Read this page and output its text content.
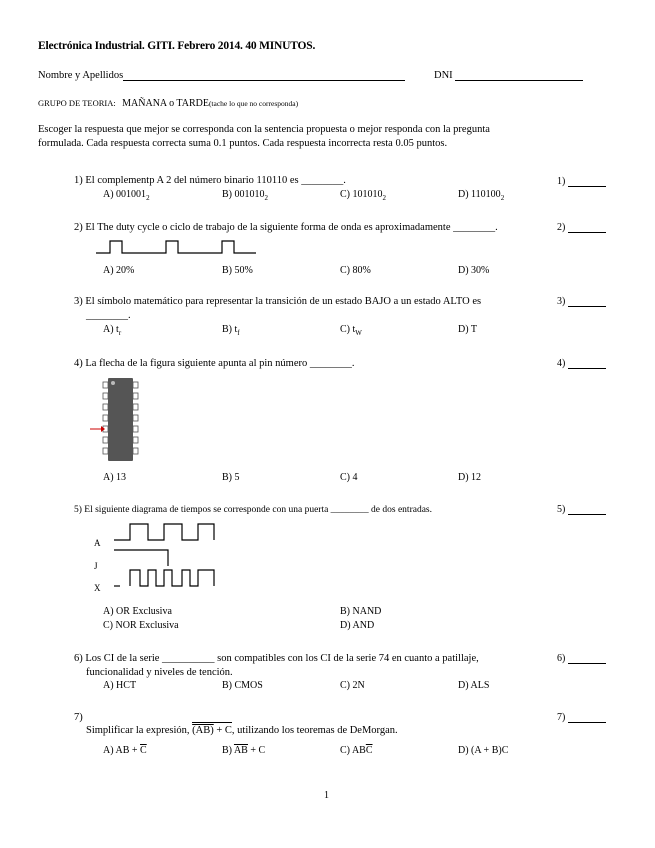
Electrónica Industrial. GITI. Febrero 2014. 40 MINUTOS.
Nombre y Apellidos	DNI
GRUPO DE TEORIA: MAÑANA o TARDE(tache lo que no corresponda)
Escoger la respuesta que mejor se corresponda con la sentencia propuesta o mejor responda con la pregunta
formulada. Cada respuesta correcta suma 0.1 puntos. Cada respuesta incorrecta resta 0.05 puntos.
1)
2)
3)
4)
5)
6)
7)
1) El complementp A 2 del número binario 110110 es ________.
A) $001001_2$	B) $001010_2$	C) $101010_2$	D) $110100_2$
2) El The duty cycle o ciclo de trabajo de la siguiente forma de onda es aproximadamente ________.
A) 20%	B) 50%	C) 80%	D) 30%
3) El símbolo matemático para representar la transición de un estado BAJO a un estado ALTO es
________.
A) $t_r$	B) $t_f$	C) $t_W$	D) T
4) La flecha de la figura siguiente apunta al pin número ________.
A) 13	B) 5	C) 4	D) 12
5) El siguiente diagrama de tiempos se corresponde con una puerta ________ de dos entradas.
A
J
X
A) OR Exclusiva	B) NAND
C) NOR Exclusiva	D) AND
6) Los CI de la serie __________ son compatibles con los CI de la serie 74 en cuanto a patillaje,
funcionalidad y niveles de tención.
A) HCT	B) CMOS	C) 2N	D) ALS
7)
Simplificar la expresión, (AB) + C, utilizando los teoremas de DeMorgan.
A) AB + $\overline{C}$	B) $\overline{AB} + C$	C) $AB\overline{C}$	D) (A + B)C
1
